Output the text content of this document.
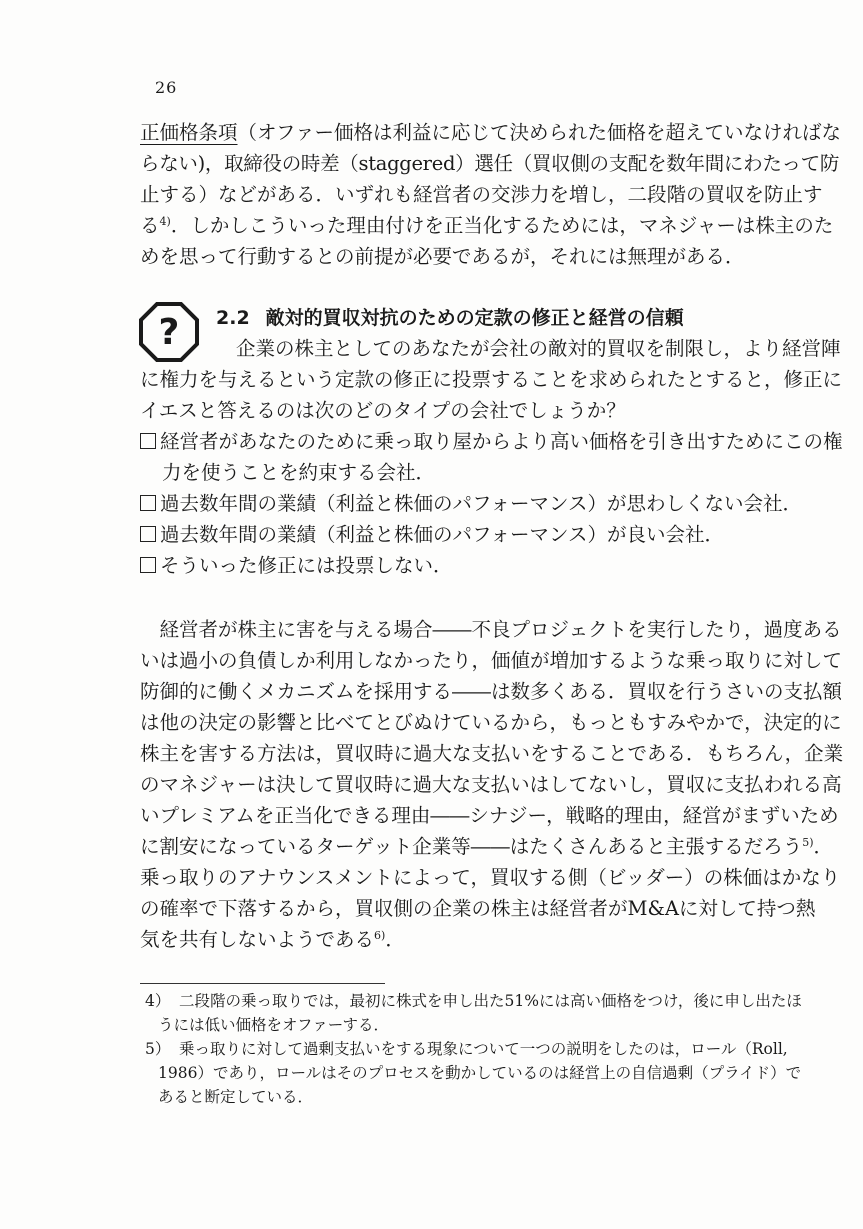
26
正価格条項（オファー価格は利益に応じて決められた価格を超えていなければな
らない)，取締役の時差（staggered）選任（買収側の支配を数年間にわたって防
止する）などがある．いずれも経営者の交渉力を増し，二段階の買収を防止す
る$^{4)}$．しかしこういった理由付けを正当化するためには，マネジャーは株主のた
めを思って行動するとの前提が必要であるが，それには無理がある．
? 2.2 敵対的買収対抗のための定款の修正と経営の信頼
企業の株主としてのあなたが会社の敵対的買収を制限し，より経営陣
に権力を与えるという定款の修正に投票することを求められたとすると，修正に
イエスと答えるのは次のどのタイプの会社でしょうか？
経営者があなたのために乗っ取り屋からより高い価格を引き出すためにこの権
力を使うことを約束する会社．
過去数年間の業績（利益と株価のパフォーマンス）が思わしくない会社．
過去数年間の業績（利益と株価のパフォーマンス）が良い会社．
そういった修正には投票しない．
　経営者が株主に害を与える場合――不良プロジェクトを実行したり，過度ある
いは過小の負債しか利用しなかったり，価値が増加するような乗っ取りに対して
防御的に働くメカニズムを採用する――は数多くある．買収を行うさいの支払額
は他の決定の影響と比べてとびぬけているから，もっともすみやかで，決定的に
株主を害する方法は，買収時に過大な支払いをすることである．もちろん，企業
のマネジャーは決して買収時に過大な支払いはしてないし，買収に支払われる高
いプレミアムを正当化できる理由――シナジー，戦略的理由，経営がまずいため
に割安になっているターゲット企業等――はたくさんあると主張するだろう$^{5)}$．
乗っ取りのアナウンスメントによって，買収する側（ビッダー）の株価はかなり
の確率で下落するから，買収側の企業の株主は経営者がM&Aに対して持つ熱
気を共有しないようである$^{6)}$．
4） 二段階の乗っ取りでは，最初に株式を申し出た51%には高い価格をつけ，後に申し出たほ
うには低い価格をオファーする．
5） 乗っ取りに対して過剰支払いをする現象について一つの説明をしたのは，ロール（Roll,
1986）であり，ロールはそのプロセスを動かしているのは経営上の自信過剰（プライド）で
あると断定している．
